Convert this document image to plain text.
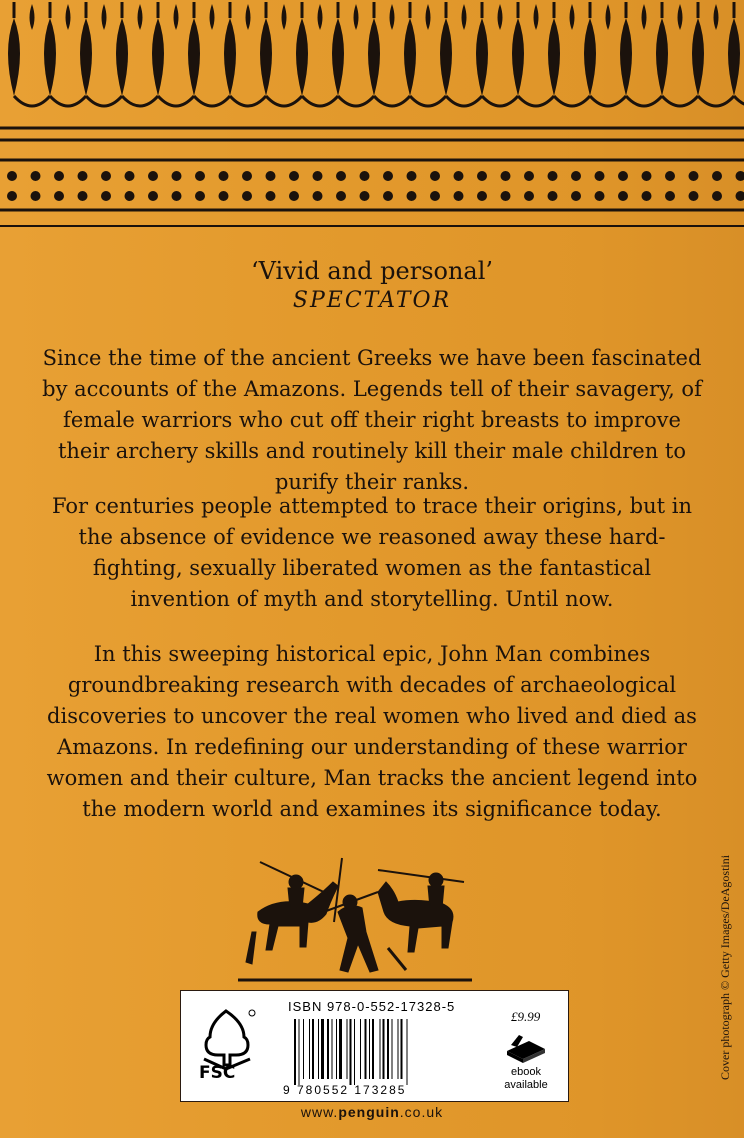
‘Vivid and personal’
SPECTATOR

Since the time of the ancient Greeks we have been fascinated by accounts of the Amazons. Legends tell of their savagery, of female warriors who cut off their right breasts to improve their archery skills and routinely kill their male children to purify their ranks.

For centuries people attempted to trace their origins, but in the absence of evidence we reasoned away these hard-fighting, sexually liberated women as the fantastical invention of myth and storytelling. Until now.

In this sweeping historical epic, John Man combines groundbreaking research with decades of archaeological discoveries to uncover the real women who lived and died as Amazons. In redefining our understanding of these warrior women and their culture, Man tracks the ancient legend into the modern world and examines its significance today.

FSC
ISBN 978-0-552-17328-5
9 780552 173285
£9.99
ebook
available
www.penguin.co.uk
Cover photograph © Getty Images/DeAgostini
